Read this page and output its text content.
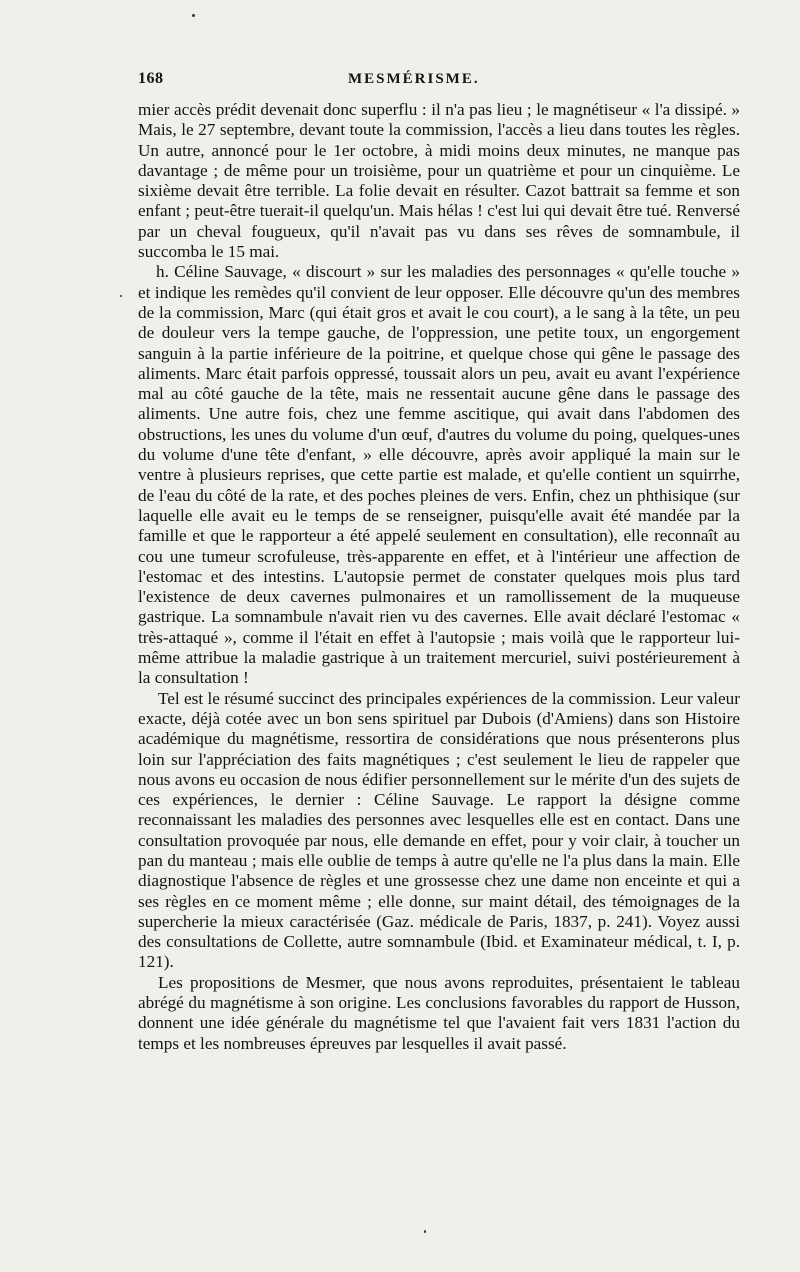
168	MESMÉRISME.

mier accès prédit devenait donc superflu : il n'a pas lieu ; le magnétiseur « l'a dissipé. » Mais, le 27 septembre, devant toute la commission, l'accès a lieu dans toutes les règles. Un autre, annoncé pour le 1er octobre, à midi moins deux minutes, ne manque pas davantage ; de même pour un troisième, pour un quatrième et pour un cinquième. Le sixième devait être terrible. La folie devait en résulter. Cazot battrait sa femme et son enfant ; peut-être tuerait-il quelqu'un. Mais hélas ! c'est lui qui devait être tué. Renversé par un cheval fougueux, qu'il n'avait pas vu dans ses rêves de somnambule, il succomba le 15 mai.

h. Céline Sauvage, « discourt » sur les maladies des personnages « qu'elle touche » et indique les remèdes qu'il convient de leur opposer. Elle découvre qu'un des membres de la commission, Marc (qui était gros et avait le cou court), a le sang à la tête, un peu de douleur vers la tempe gauche, de l'oppression, une petite toux, un engorgement sanguin à la partie inférieure de la poitrine, et quelque chose qui gêne le passage des aliments. Marc était parfois oppressé, toussait alors un peu, avait eu avant l'expérience mal au côté gauche de la tête, mais ne ressentait aucune gêne dans le passage des aliments. Une autre fois, chez une femme ascitique, qui avait dans l'abdomen des obstructions, les unes du volume d'un œuf, d'autres du volume du poing, quelques-unes du volume d'une tête d'enfant, » elle découvre, après avoir appliqué la main sur le ventre à plusieurs reprises, que cette partie est malade, et qu'elle contient un squirrhe, de l'eau du côté de la rate, et des poches pleines de vers. Enfin, chez un phthisique (sur laquelle elle avait eu le temps de se renseigner, puisqu'elle avait été mandée par la famille et que le rapporteur a été appelé seulement en consultation), elle reconnaît au cou une tumeur scrofuleuse, très-apparente en effet, et à l'intérieur une affection de l'estomac et des intestins. L'autopsie permet de constater quelques mois plus tard l'existence de deux cavernes pulmonaires et un ramollissement de la muqueuse gastrique. La somnambule n'avait rien vu des cavernes. Elle avait déclaré l'estomac « très-attaqué », comme il l'était en effet à l'autopsie ; mais voilà que le rapporteur lui-même attribue la maladie gastrique à un traitement mercuriel, suivi postérieurement à la consultation !

Tel est le résumé succinct des principales expériences de la commission. Leur valeur exacte, déjà cotée avec un bon sens spirituel par Dubois (d'Amiens) dans son Histoire académique du magnétisme, ressortira de considérations que nous présenterons plus loin sur l'appréciation des faits magnétiques ; c'est seulement le lieu de rappeler que nous avons eu occasion de nous édifier personnellement sur le mérite d'un des sujets de ces expériences, le dernier : Céline Sauvage. Le rapport la désigne comme reconnaissant les maladies des personnes avec lesquelles elle est en contact. Dans une consultation provoquée par nous, elle demande en effet, pour y voir clair, à toucher un pan du manteau ; mais elle oublie de temps à autre qu'elle ne l'a plus dans la main. Elle diagnostique l'absence de règles et une grossesse chez une dame non enceinte et qui a ses règles en ce moment même ; elle donne, sur maint détail, des témoignages de la supercherie la mieux caractérisée (Gaz. médicale de Paris, 1837, p. 241). Voyez aussi des consultations de Collette, autre somnambule (Ibid. et Examinateur médical, t. I, p. 121).

Les propositions de Mesmer, que nous avons reproduites, présentaient le tableau abrégé du magnétisme à son origine. Les conclusions favorables du rapport de Husson, donnent une idée générale du magnétisme tel que l'avaient fait vers 1831 l'action du temps et les nombreuses épreuves par lesquelles il avait passé.
